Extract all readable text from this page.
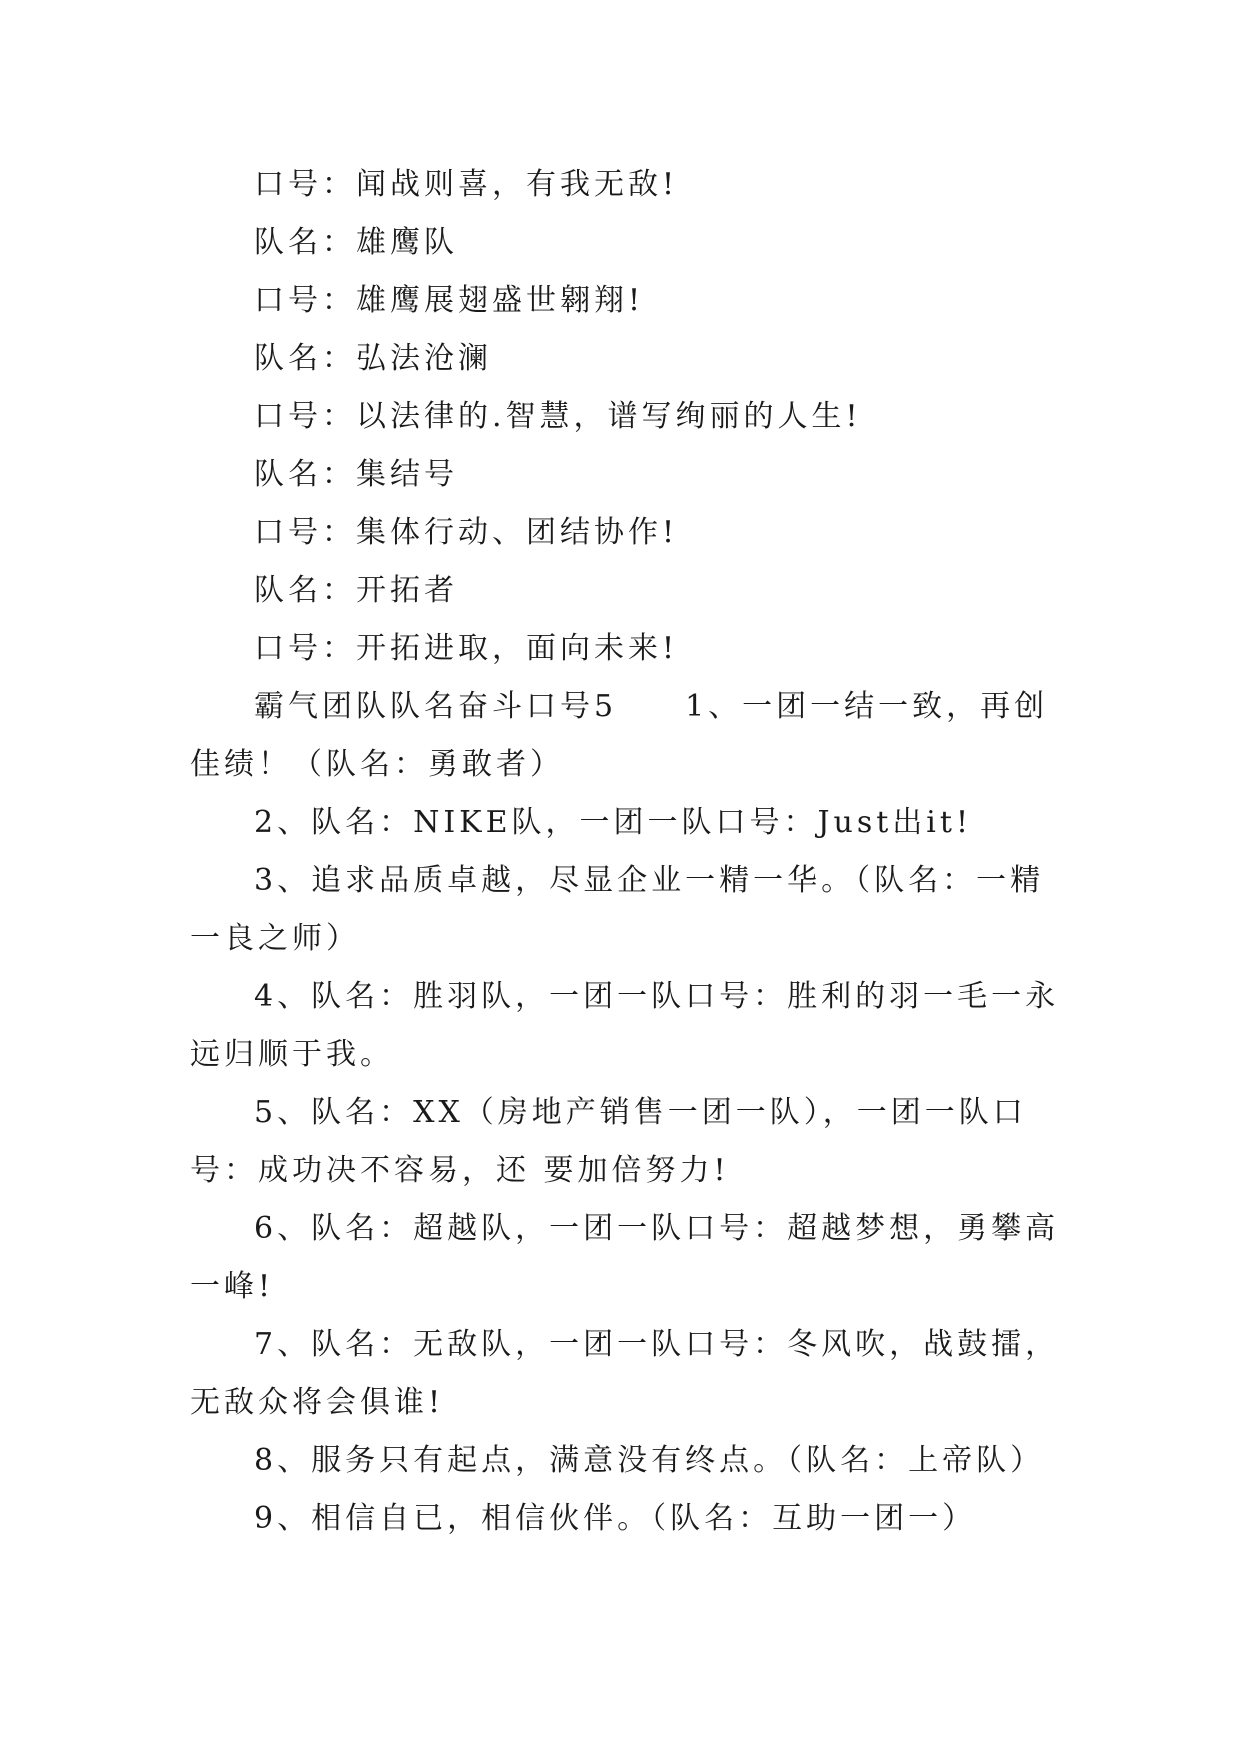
口号：闻战则喜，有我无敌!

队名：雄鹰队

口号：雄鹰展翅盛世翱翔!

队名：弘法沧澜

口号：以法律的.智慧，谱写绚丽的人生!

队名：集结号

口号：集体行动、团结协作!

队名：开拓者

口号：开拓进取，面向未来!

霸气团队队名奋斗口号5　　1、一团一结一致，再创佳绩！（队名：勇敢者）

2、队名：NIKE队，一团一队口号：Just出it!

3、追求品质卓越，尽显企业一精一华。（队名：一精一良之师）

4、队名：胜羽队，一团一队口号：胜利的羽一毛一永远归顺于我。

5、队名：XX（房地产销售一团一队），一团一队口号：成功决不容易，还 要加倍努力!

6、队名：超越队，一团一队口号：超越梦想，勇攀高一峰!

7、队名：无敌队，一团一队口号：冬风吹，战鼓擂，无敌众将会俱谁!

8、服务只有起点，满意没有终点。（队名：上帝队）

9、相信自已，相信伙伴。（队名：互助一团一）
